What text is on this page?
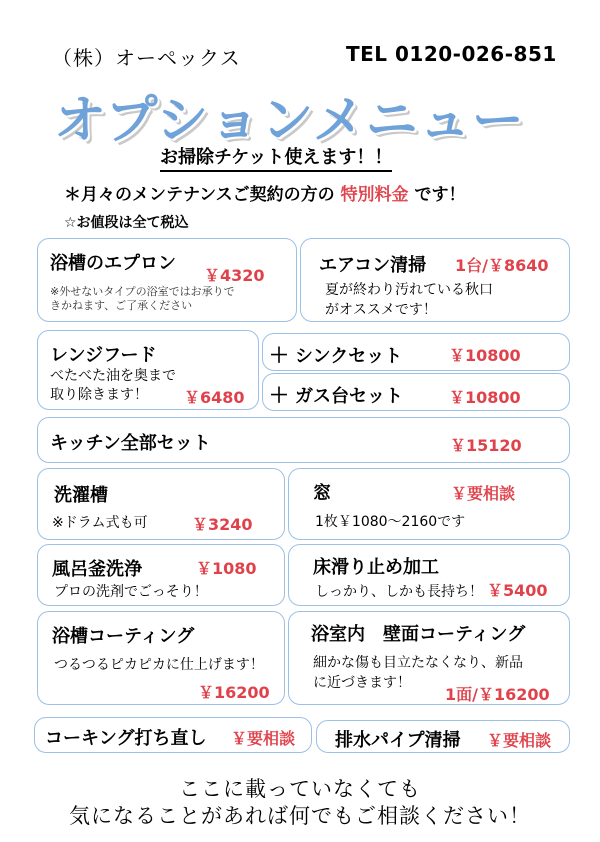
（株）オーペックス	TEL 0120-026-851
オプションメニュー
お掃除チケット使えます！！
＊月々のメンテナンスご契約の方の 特別料金 です！
☆お値段は全て税込
浴槽のエプロン
￥4320
※外せないタイプの浴室ではお承りで
きかねます、ご了承ください
エアコン清掃 1台/￥8640
夏が終わり汚れている秋口
がオススメです！
レンジフード
べたべた油を奥まで
取り除きます！ ￥6480
＋ シンクセット	￥10800
＋ ガス台セット	￥10800
キッチン全部セット	￥15120
洗濯槽
※ドラム式も可	￥3240
窓	￥要相談
1枚￥1080～2160です
風呂釜洗浄	￥1080
プロの洗剤でごっそり！
床滑り止め加工
しっかり、しかも長持ち！ ￥5400
浴槽コーティング
つるつるピカピカに仕上げます！
￥16200
浴室内　壁面コーティング
細かな傷も目立たなくなり、新品
に近づきます！
1面/￥16200
コーキング打ち直し ￥要相談 排水パイプ清掃 ￥要相談
ここに載っていなくても
気になることがあれば何でもご相談ください！
